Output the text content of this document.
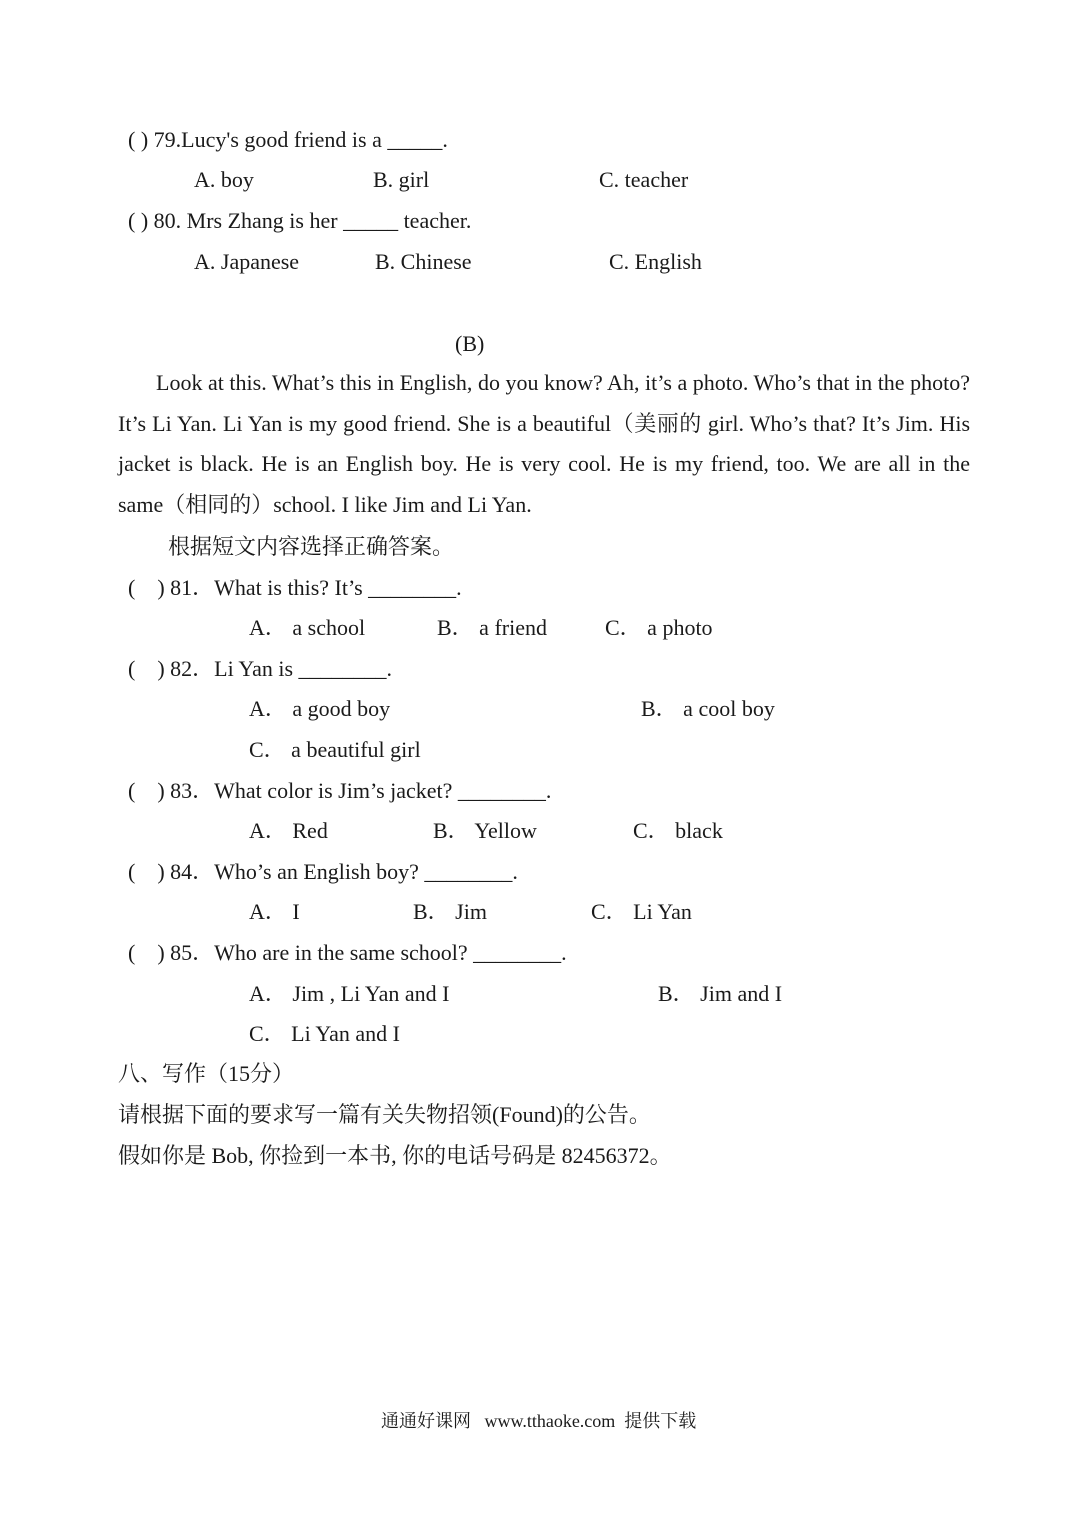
( ) 79.Lucy's good friend is a _____.
A. boy	B. girl	C. teacher
( ) 80. Mrs Zhang is her _____ teacher.
A. Japanese	B. Chinese	C. English
(B)
Look at this. What’s this in English, do you know? Ah, it’s a photo. Who’s that in the photo? It’s Li Yan. Li Yan is my good friend. She is a beautiful（美丽的 girl. Who’s that? It’s Jim. His jacket is black. He is an English boy. He is very cool. He is my friend, too. We are all in the same（相同的）school. I like Jim and Li Yan.
根据短文内容选择正确答案。
(    ) 81．What is this? It’s ________.
A． a school	B． a friend	C． a photo
(    ) 82．Li Yan is ________.
A． a good boy	B． a cool boy
C． a beautiful girl
(    ) 83．What color is Jim’s jacket? ________.
A． Red	B． Yellow	C． black
(    ) 84．Who’s an English boy? ________.
A． I	B． Jim	C． Li Yan
(    ) 85．Who are in the same school? ________.
A． Jim , Li Yan and I	B． Jim and I
C． Li Yan and I
八、写作（15分）
请根据下面的要求写一篇有关失物招领(Found)的公告。
假如你是 Bob, 你捡到一本书, 你的电话号码是 82456372。
通通好课网   www.tthaoke.com  提供下载
